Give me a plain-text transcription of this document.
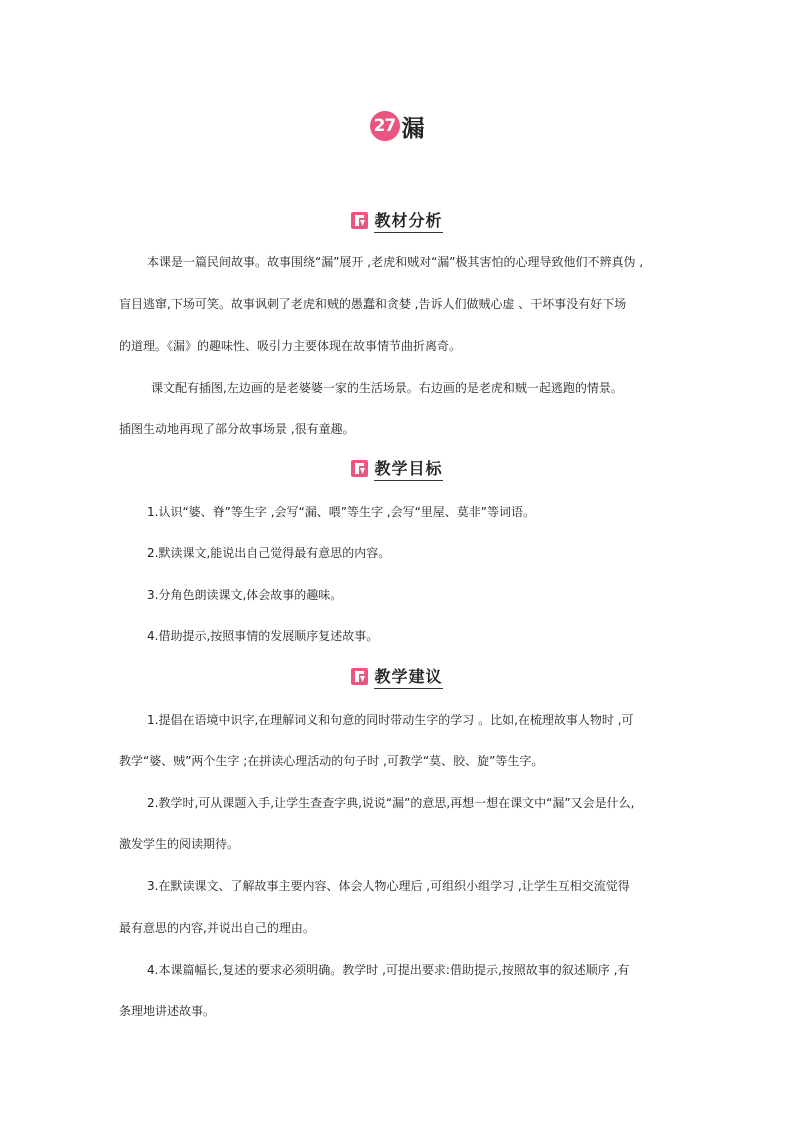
27 漏
教材分析
本课是一篇民间故事。故事围绕“漏”展开 ,老虎和贼对“漏”极其害怕的心理导致他们不辨真伪 ,
盲目逃窜,下场可笑。故事讽刺了老虎和贼的愚蠢和贪婪 ,告诉人们做贼心虚 、干坏事没有好下场
的道理。《漏》的趣味性、吸引力主要体现在故事情节曲折离奇。
课文配有插图,左边画的是老婆婆一家的生活场景。右边画的是老虎和贼一起逃跑的情景。
插图生动地再现了部分故事场景 ,很有童趣。
教学目标
1.认识“婆、脊”等生字 ,会写“漏、喂”等生字 ,会写“里屋、莫非”等词语。
2.默读课文,能说出自己觉得最有意思的内容。
3.分角色朗读课文,体会故事的趣味。
4.借助提示,按照事情的发展顺序复述故事。
教学建议
1.提倡在语境中识字,在理解词义和句意的同时带动生字的学习 。比如,在梳理故事人物时 ,可
教学“婆、贼”两个生字 ;在拼读心理活动的句子时 ,可教学“莫、胶、旋”等生字。
2.教学时,可从课题入手,让学生查查字典,说说“漏”的意思,再想一想在课文中“漏”又会是什么,
激发学生的阅读期待。
3.在默读课文、了解故事主要内容、体会人物心理后 ,可组织小组学习 ,让学生互相交流觉得
最有意思的内容,并说出自己的理由。
4.本课篇幅长,复述的要求必须明确。教学时 ,可提出要求:借助提示,按照故事的叙述顺序 ,有
条理地讲述故事。
